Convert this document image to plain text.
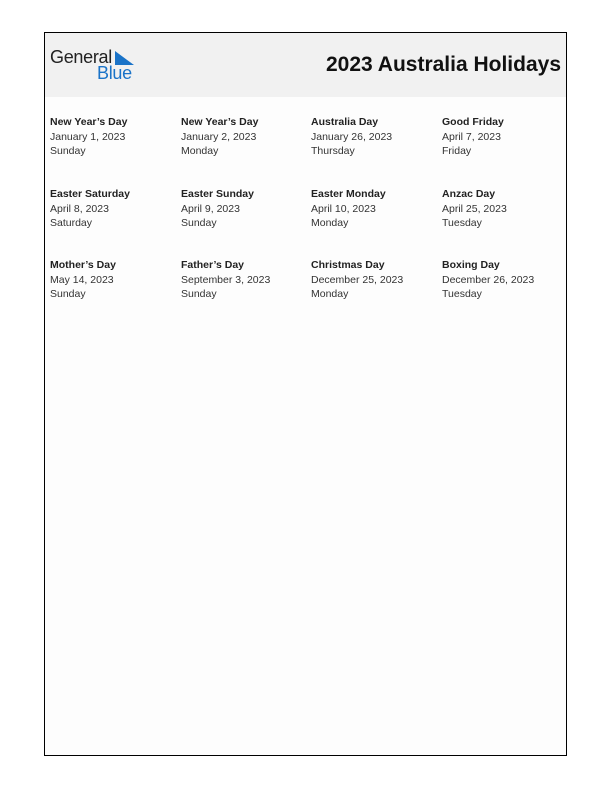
General
Blue	2023 Australia Holidays
New Year’s Day
January 1, 2023
Sunday
New Year’s Day
January 2, 2023
Monday
Australia Day
January 26, 2023
Thursday
Good Friday
April 7, 2023
Friday
Easter Saturday
April 8, 2023
Saturday
Easter Sunday
April 9, 2023
Sunday
Easter Monday
April 10, 2023
Monday
Anzac Day
April 25, 2023
Tuesday
Mother’s Day
May 14, 2023
Sunday
Father’s Day
September 3, 2023
Sunday
Christmas Day
December 25, 2023
Monday
Boxing Day
December 26, 2023
Tuesday
